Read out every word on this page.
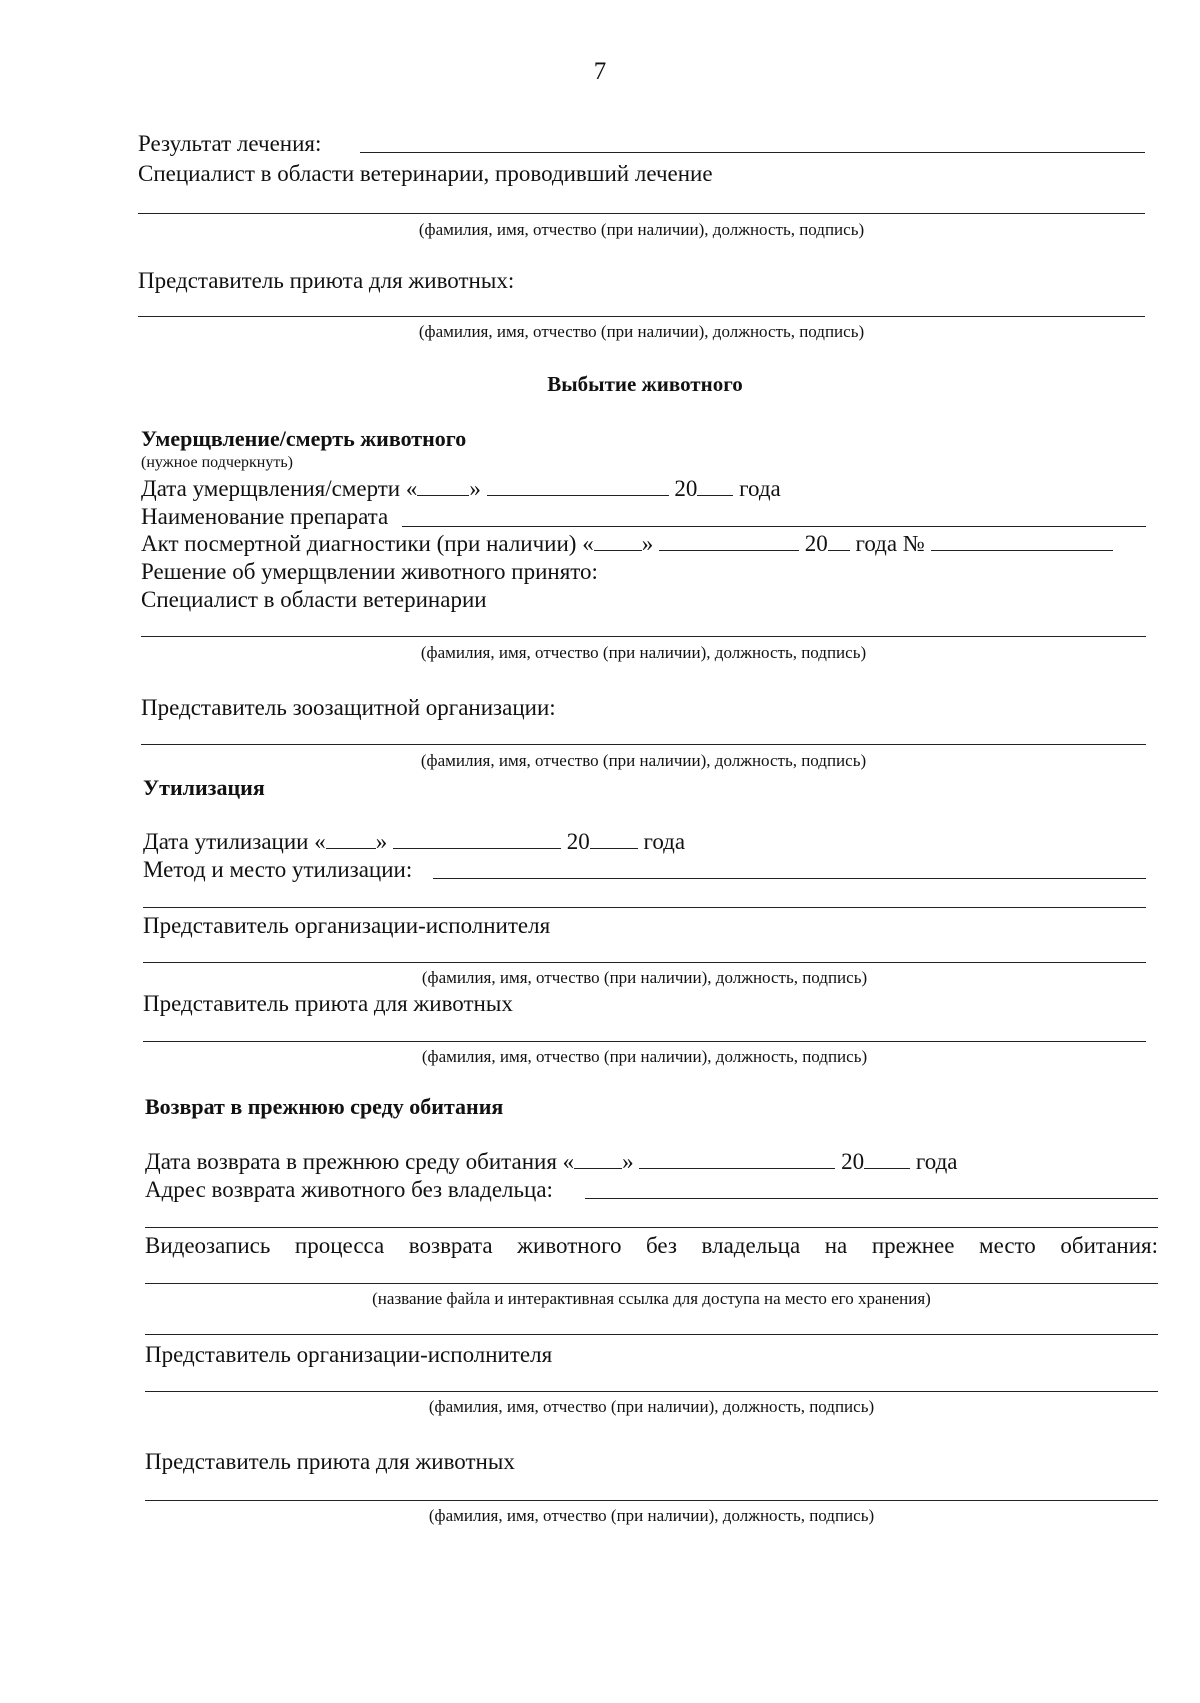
7
Результат лечения:
Специалист в области ветеринарии, проводивший лечение
(фамилия, имя, отчество (при наличии), должность, подпись)
Представитель приюта для животных:
(фамилия, имя, отчество (при наличии), должность, подпись)
Выбытие животного
Умерщвление/смерть животного
(нужное подчеркнуть)
Дата умерщвления/смерти « »	20 года
Наименование препарата
Акт посмертной диагностики (при наличии) « »	20 года №
Решение об умерщвлении животного принято:
Специалист в области ветеринарии
(фамилия, имя, отчество (при наличии), должность, подпись)
Представитель зоозащитной организации:
(фамилия, имя, отчество (при наличии), должность, подпись)
Утилизация
Дата утилизации « »	20 года
Метод и место утилизации:
Представитель организации-исполнителя
(фамилия, имя, отчество (при наличии), должность, подпись)
Представитель приюта для животных
(фамилия, имя, отчество (при наличии), должность, подпись)
Возврат в прежнюю среду обитания
Дата возврата в прежнюю среду обитания « »	20 года
Адрес возврата животного без владельца:
Видеозапись процесса возврата животного без владельца на прежнее место обитания:
(название файла и интерактивная ссылка для доступа на место его хранения)
Представитель организации-исполнителя
(фамилия, имя, отчество (при наличии), должность, подпись)
Представитель приюта для животных
(фамилия, имя, отчество (при наличии), должность, подпись)
